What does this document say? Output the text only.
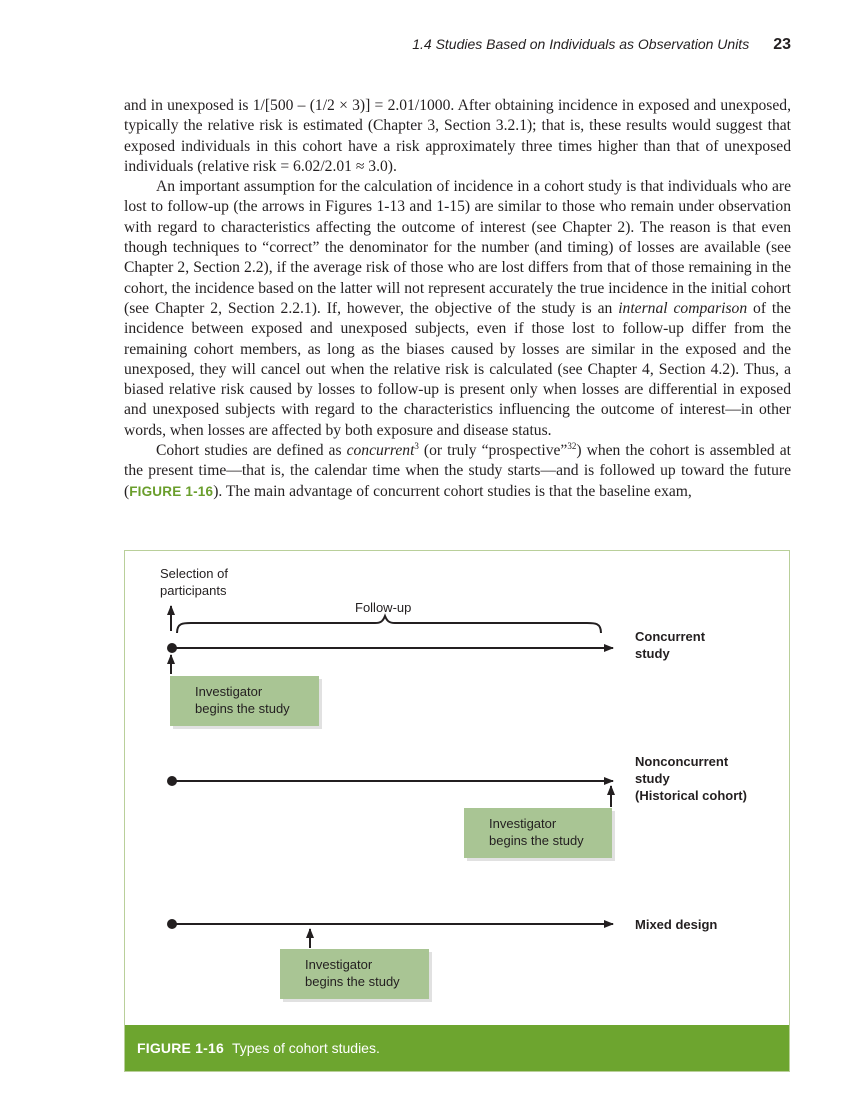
1.4 Studies Based on Individuals as Observation Units 23

and in unexposed is 1/[500 – (1/2 × 3)] = 2.01/1000. After obtaining incidence in exposed and unexposed, typically the relative risk is estimated (Chapter 3, Section 3.2.1); that is, these results would suggest that exposed individuals in this cohort have a risk approximately three times higher than that of unexposed individuals (relative risk = 6.02/2.01 ≈ 3.0).

An important assumption for the calculation of incidence in a cohort study is that individuals who are lost to follow-up (the arrows in Figures 1-13 and 1-15) are similar to those who remain under observation with regard to characteristics affecting the outcome of interest (see Chapter 2). The reason is that even though techniques to “correct” the denominator for the number (and timing) of losses are available (see Chapter 2, Section 2.2), if the average risk of those who are lost differs from that of those remaining in the cohort, the incidence based on the latter will not represent accurately the true incidence in the initial cohort (see Chapter 2, Section 2.2.1). If, however, the objective of the study is an internal comparison of the incidence between exposed and unexposed subjects, even if those lost to follow-up differ from the remaining cohort members, as long as the biases caused by losses are similar in the exposed and the unexposed, they will cancel out when the relative risk is calculated (see Chapter 4, Section 4.2). Thus, a biased relative risk caused by losses to follow-up is present only when losses are differential in exposed and unexposed subjects with regard to the characteristics influencing the outcome of interest—in other words, when losses are affected by both exposure and disease status.

Cohort studies are defined as concurrent$^3$ (or truly “prospective”$^{32}$) when the cohort is assembled at the present time—that is, the calendar time when the study starts—and is followed up toward the future (FIGURE 1-16). The main advantage of concurrent cohort studies is that the baseline exam,

Selection of
participants
Follow-up
Concurrent
study
Investigator
begins the study
Nonconcurrent
study
(Historical cohort)
Investigator
begins the study
Mixed design
Investigator
begins the study
FIGURE 1-16 Types of cohort studies.
